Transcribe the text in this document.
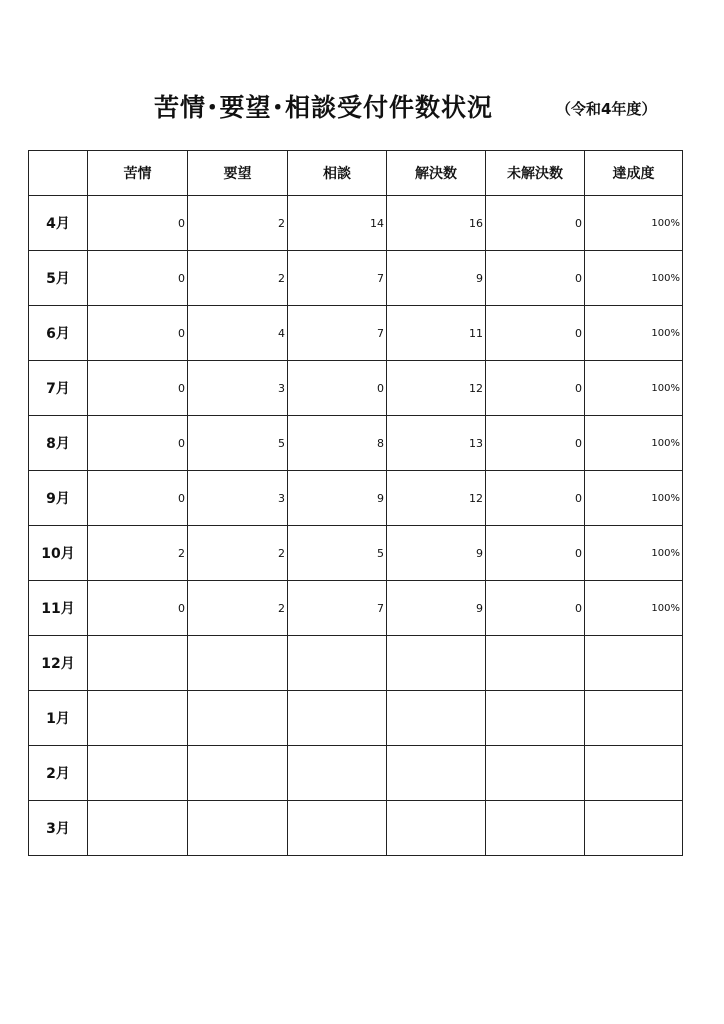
苦情･要望･相談受付件数状況	（令和4年度）
	苦情	要望	相談	解決数	未解決数	達成度
4月	0	2	14	16	0	100%
5月	0	2	7	9	0	100%
6月	0	4	7	11	0	100%
7月	0	3	0	12	0	100%
8月	0	5	8	13	0	100%
9月	0	3	9	12	0	100%
10月	2	2	5	9	0	100%
11月	0	2	7	9	0	100%
12月						
1月						
2月						
3月						
